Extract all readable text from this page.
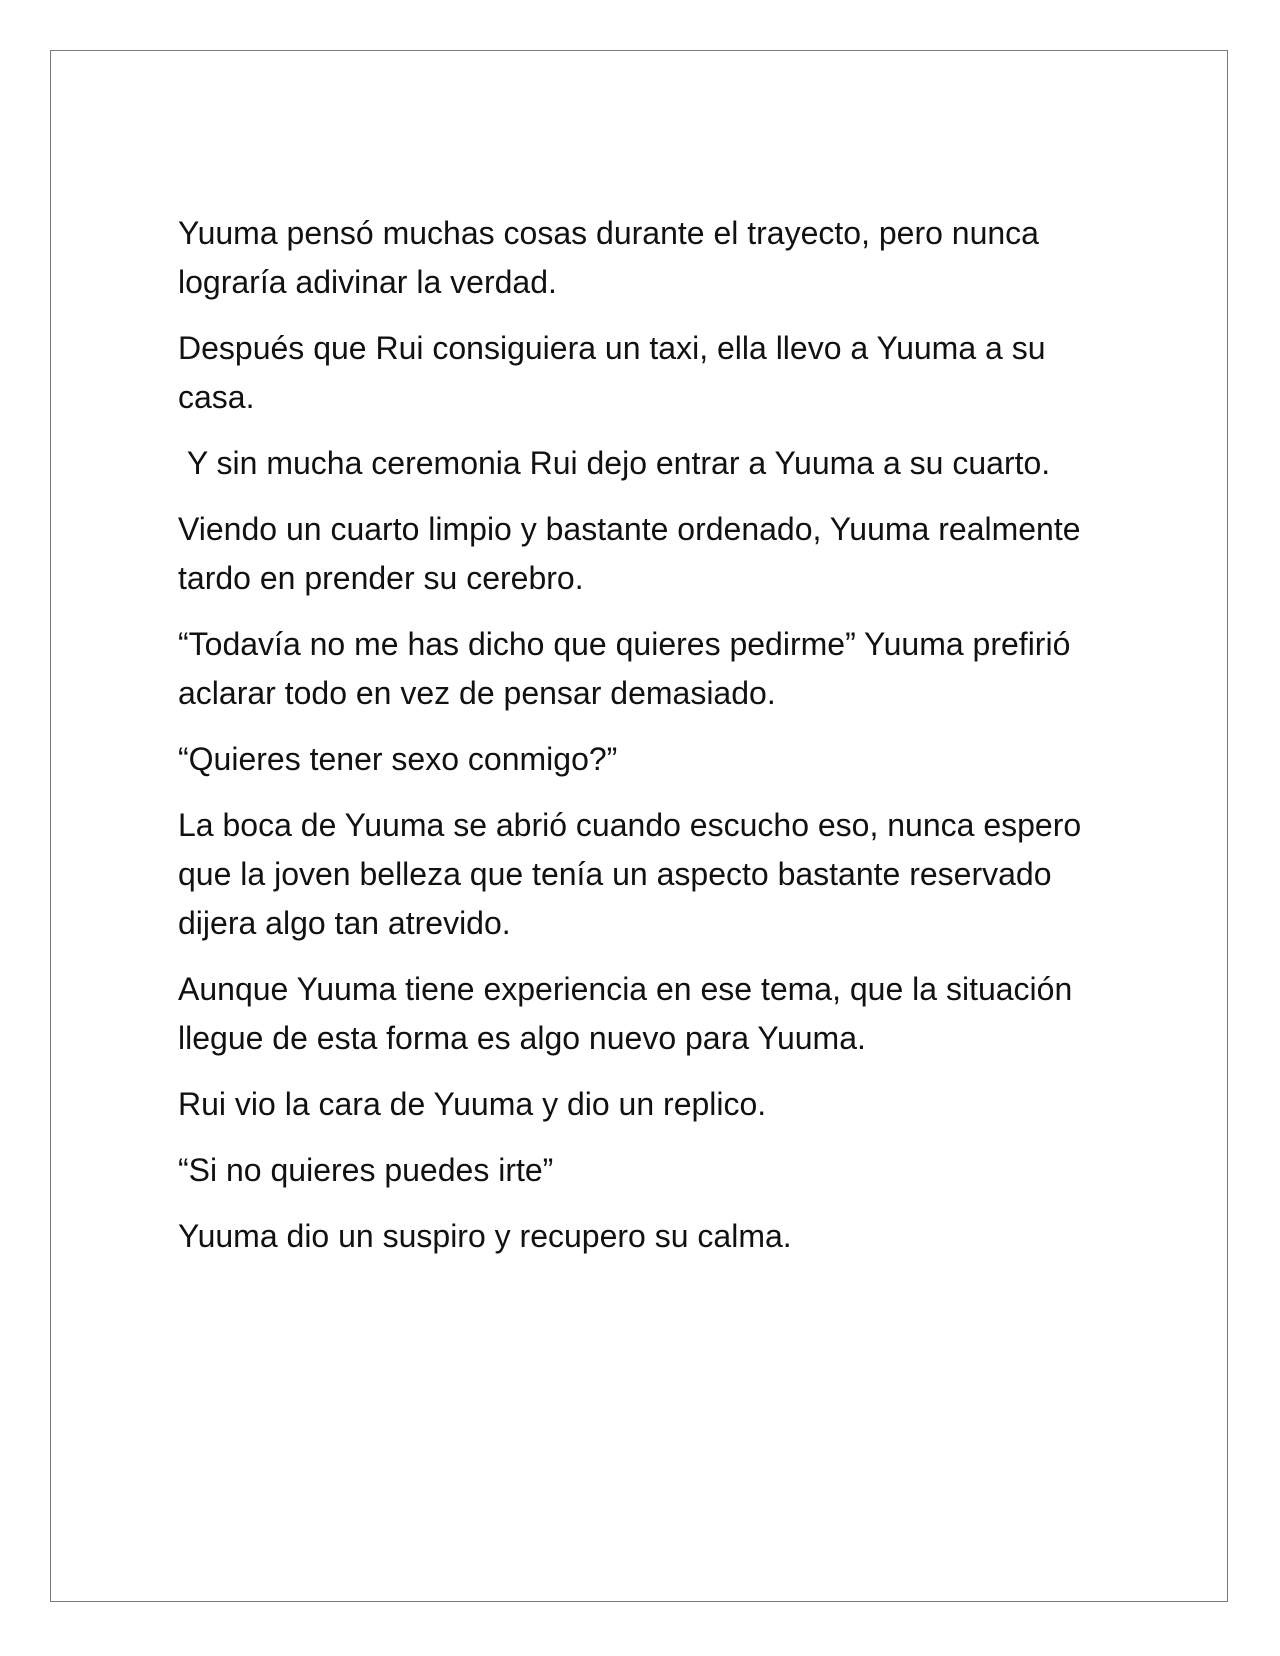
Yuuma pensó muchas cosas durante el trayecto, pero nunca lograría adivinar la verdad.

Después que Rui consiguiera un taxi, ella llevo a Yuuma a su casa.

Y sin mucha ceremonia Rui dejo entrar a Yuuma a su cuarto.

Viendo un cuarto limpio y bastante ordenado, Yuuma realmente tardo en prender su cerebro.

“Todavía no me has dicho que quieres pedirme” Yuuma prefirió aclarar todo en vez de pensar demasiado.

“Quieres tener sexo conmigo?”

La boca de Yuuma se abrió cuando escucho eso, nunca espero que la joven belleza que tenía un aspecto bastante reservado dijera algo tan atrevido.

Aunque Yuuma tiene experiencia en ese tema, que la situación llegue de esta forma es algo nuevo para Yuuma.

Rui vio la cara de Yuuma y dio un replico.

“Si no quieres puedes irte”

Yuuma dio un suspiro y recupero su calma.
